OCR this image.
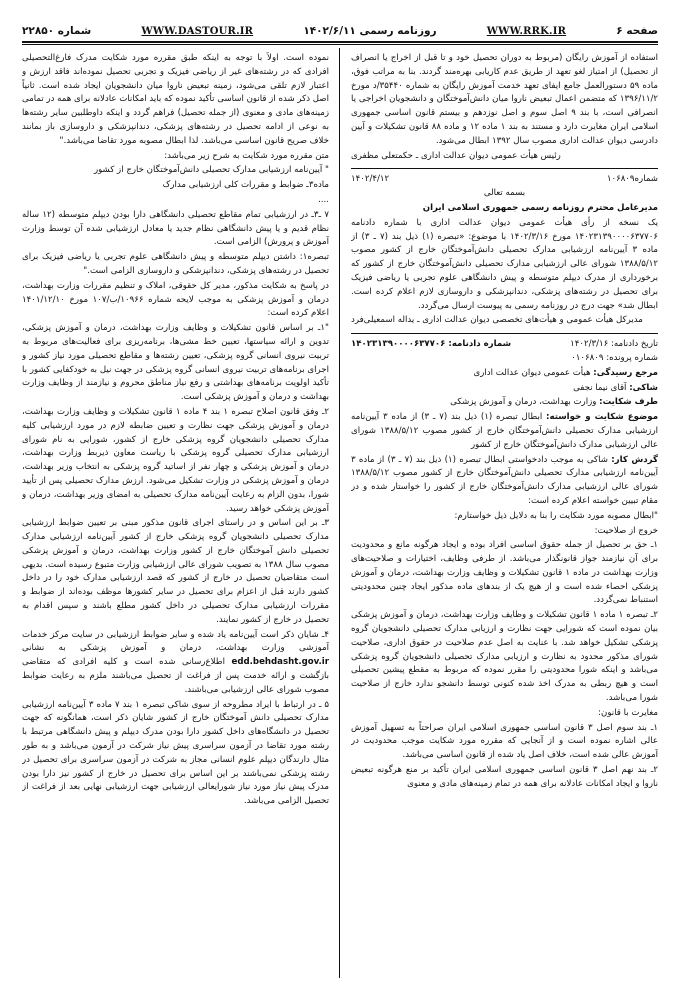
صفحه ۶
WWW.RRK.IR
روزنامه رسمی ۱۴۰۲/۶/۱۱
WWW.DASTOUR.IR
شماره ۲۲۸۵۰

استفاده از آموزش رایگان (مربوط به دوران تحصیل خود و تا قبل از اخراج یا انصراف از تحصیل) از امتیاز لغو تعهد از طریق عدم کاریابی بهره‌مند گردند. بنا به مراتب فوق، ماده ۵۹ دستورالعمل جامع ایفای تعهد خدمت آموزش رایگان به شماره ۳۵۴۴۰/د مورخ ۱۳۹۶/۱۱/۲ که متضمن اعمال تبعیض ناروا میان دانش‌آموختگان و دانشجویان اخراجی یا انصرافی است، با بند ۹ اصل سوم و اصل نوزدهم و بیستم قانون اساسی جمهوری اسلامی ایران مغایرت دارد و مستند به بند ۱ ماده ۱۲ و ماده ۸۸ قانون تشکیلات و آیین دادرسی دیوان عدالت اداری مصوب سال ۱۳۹۲ ابطال می‌شود.

رئیس هیأت عمومی دیوان عدالت اداری ـ حکمتعلی مظفری

شماره۱۰۶۸۰۹
۱۴۰۲/۴/۱۲

بسمه تعالی

مدیرعامل محترم روزنامه رسمی جمهوری اسلامی ایران

یک نسخه از رأی هیأت عمومی دیوان عدالت اداری با شماره دادنامه ۱۴۰۲۳۱۳۹۰۰۰۰۶۳۷۷۰۶ مورخ ۱۴۰۲/۳/۱۶ با موضوع: «تبصره (۱) ذیل بند (۷ ـ ۳) از ماده ۳ آیین‌نامه ارزشیابی مدارک تحصیلی دانش‌آموختگان خارج از کشور مصوب ۱۳۸۸/۵/۱۲ شورای عالی ارزشیابی مدارک تحصیلی دانش‌آموختگان خارج از کشور که برخورداری از مدرک دیپلم متوسطه و پیش دانشگاهی علوم تجربی یا ریاضی فیزیک برای تحصیل در رشته‌های پزشکی، دندانپزشکی و داروسازی لازم اعلام کرده است. ابطال شد» جهت درج در روزنامه رسمی به پیوست ارسال می‌گردد.

مدیرکل هیأت عمومی و هیأت‌های تخصصی دیوان عدالت اداری ـ یداله اسمعیلی‌فرد

تاریخ دادنامه: ۱۴۰۲/۳/۱۶
شماره دادنامه: ۱۴۰۲۳۱۳۹۰۰۰۰۶۳۷۷۰۶

شماره پرونده: ۰۱۰۶۸۰۹

مرجع رسیدگی: هیأت عمومی دیوان عدالت اداری

شاکی: آقای نیما نجفی

طرف شکایت: وزارت بهداشت، درمان و آموزش پزشکی

موضوع شکایت و خواسته: ابطال تبصره (۱) ذیل بند (۷ ـ ۳) از ماده ۳ آیین‌نامه ارزشیابی مدارک تحصیلی دانش‌آموختگان خارج از کشور مصوب ۱۳۸۸/۵/۱۲ شورای عالی ارزشیابی مدارک دانش‌آموختگان خارج از کشور

گردش کار: شاکی به موجب دادخواستی ابطال تبصره (۱) ذیل بند (۷ ـ ۳) از ماده ۳ آیین‌نامه ارزشیابی مدارک تحصیلی دانش‌آموختگان خارج از کشور مصوب ۱۳۸۸/۵/۱۲ شورای عالی ارزشیابی مدارک دانش‌آموختگان خارج از کشور را خواستار شده و در مقام تبیین خواسته اعلام کرده است:

"ابطال مصوبه مورد شکایت را بنا به دلایل ذیل خواستارم:

خروج از صلاحیت:

۱ـ حق بر تحصیل از جمله حقوق اساسی افراد بوده و ایجاد هرگونه مانع و محدودیت برای آن نیازمند جواز قانونگذار می‌باشد. از طرفی وظایف، اختیارات و صلاحیت‌های وزارت بهداشت در ماده ۱ قانون تشکیلات و وظایف وزارت بهداشت، درمان و آموزش پزشکی احصاء شده است و از هیچ یک از بندهای ماده مذکور ایجاد چنین محدودیتی استنباط نمی‌گردد.

۲ـ تبصره ۱ ماده ۱ قانون تشکیلات و وظایف وزارت بهداشت، درمان و آموزش پزشکی بیان نموده است که شورایی جهت نظارت و ارزیابی مدارک تحصیلی دانشجویان گروه پزشکی تشکیل خواهد شد. با عنایت به اصل عدم صلاحیت در حقوق اداری، صلاحیت شورای مذکور محدود به نظارت و ارزیابی مدارک تحصیلی دانشجویان گروه پزشکی می‌باشد و اینکه شورا محدودیتی را مقرر نموده که مربوط به مقطع پیشین تحصیلی است و هیچ ربطی به مدرک اخذ شده کنونی توسط دانشجو ندارد خارج از صلاحیت شورا می‌باشد.

مغایرت با قانون:

۱ـ بند سوم اصل ۳ قانون اساسی جمهوری اسلامی ایران صراحتاً به تسهیل آموزش عالی اشاره نموده است و از آنجایی که مقرره مورد شکایت موجب محدودیت در آموزش عالی شده است، خلاف اصل یاد شده از قانون اساسی می‌باشد.

۲ـ بند نهم اصل ۳ قانون اساسی جمهوری اسلامی ایران تأکید بر منع هرگونه تبعیض ناروا و ایجاد امکانات عادلانه برای همه در تمام زمینه‌های مادی و معنوی

نموده است. اولاً با توجه به اینکه طبق مقرره مورد شکایت مدرک فارغ‌التحصیلی افرادی که در رشته‌های غیر از ریاضی فیزیک و تجربی تحصیل نموده‌اند فاقد ارزش و اعتبار لازم تلقی می‌شود، زمینه تبعیض ناروا میان دانشجویان ایجاد شده است. ثانیاً اصل ذکر شده از قانون اساسی تأکید نموده که باید امکانات عادلانه برای همه در تمامی زمینه‌های مادی و معنوی (از جمله تحصیل) فراهم گردد و اینکه داوطلبین سایر رشته‌ها به نوعی از ادامه تحصیل در رشته‌های پزشکی، دندانپزشکی و داروسازی باز بمانند خلاف صریح قانون اساسی می‌باشد. لذا ابطال مصوبه مورد تقاضا می‌باشد."

متن مقرره مورد شکایت به شرح زیر می‌باشد:

" آیین‌نامه ارزشیابی مدارک تحصیلی دانش‌آموختگان خارج از کشور

ماده۳ـ ضوابط و مقررات کلی ارزشیابی مدارک

....

۷ ـ۳ـ در ارزشیابی تمام مقاطع تحصیلی دانشگاهی دارا بودن دیپلم متوسطه (۱۲ ساله نظام قدیم و یا پیش دانشگاهی نظام جدید یا معادل ارزشیابی شده آن توسط وزارت آموزش و پرورش) الزامی است.

تبصره۱: داشتن دیپلم متوسطه و پیش دانشگاهی علوم تجربی یا ریاضی فیزیک برای تحصیل در رشته‌های پزشکی، دندانپزشکی و داروسازی الزامی است."

در پاسخ به شکایت مذکور، مدیر کل حقوقی، املاک و تنظیم مقررات وزارت بهداشت، درمان و آموزش پزشکی به موجب لایحه شماره ۱۰۹۶۶/ب/۱۰۷ مورخ ۱۴۰۱/۱۲/۱۰ اعلام کرده است:

"۱ـ بر اساس قانون تشکیلات و وظایف وزارت بهداشت، درمان و آموزش پزشکی، تدوین و ارائه سیاستها، تعیین خط مشی‌ها، برنامه‌ریزی برای فعالیت‌های مربوط به تربیت نیروی انسانی گروه پزشکی، تعیین رشته‌ها و مقاطع تحصیلی مورد نیاز کشور و اجرای برنامه‌های تربیت نیروی انسانی گروه پزشکی در جهت نیل به خودکفایی کشور با تأکید اولویت برنامه‌های بهداشتی و رفع نیاز مناطق محروم و نیازمند از وظایف وزارت بهداشت و درمان و آموزش پزشکی است.

۲ـ وفق قانون اصلاح تبصره ۱ بند ۴ ماده ۱ قانون تشکیلات و وظایف وزارت بهداشت، درمان و آموزش پزشکی جهت نظارت و تعیین ضابطه لازم در مورد ارزشیابی کلیه مدارک تحصیلی دانشجویان گروه پزشکی خارج از کشور، شورایی به نام شورای ارزشیابی مدارک تحصیلی گروه پزشکی با ریاست معاون ذیربط وزارت بهداشت، درمان و آموزش پزشکی و چهار نفر از اساتید گروه پزشکی به انتخاب وزیر بهداشت، درمان و آموزش پزشکی در وزارت تشکیل می‌شود. ارزش مدارک تحصیلی پس از تأیید شورا، بدون الزام به رعایت آیین‌نامه مدارک تحصیلی به امضای وزیر بهداشت، درمان و آموزش پزشکی خواهد رسید.

۳ـ بر این اساس و در راستای اجرای قانون مذکور مبنی بر تعیین ضوابط ارزشیابی مدارک تحصیلی دانشجویان گروه پزشکی خارج از کشور آیین‌نامه ارزشیابی مدارک تحصیلی دانش آموختگان خارج از کشور وزارت بهداشت، درمان و آموزش پزشکی مصوب سال ۱۳۸۸ به تصویب شورای عالی ارزشیابی وزارت متبوع رسیده است. بدیهی است متقاضیان تحصیل در خارج از کشور که قصد ارزشیابی مدارک خود را در داخل کشور دارند قبل از اعزام برای تحصیل در سایر کشورها موظف بوده‌اند از ضوابط و مقررات ارزشیابی مدارک تحصیلی در داخل کشور مطلع باشند و سپس اقدام به تحصیل در خارج از کشور نمایند.

۴ـ شایان ذکر است آیین‌نامه یاد شده و سایر ضوابط ارزشیابی در سایت مرکز خدمات آموزشی وزارت بهداشت، درمان و آموزش پزشکی به نشانی edd.behdasht.gov.ir اطلاع‌رسانی شده است و کلیه افرادی که متقاضی بازگشت و ارائه خدمت پس از فراغت از تحصیل می‌باشند ملزم به رعایت ضوابط مصوب شورای عالی ارزشیابی می‌باشند.

۵ ـ در ارتباط با ایراد مطروحه از سوی شاکی تبصره ۱ بند ۷ ماده ۳ آیین‌نامه ارزشیابی مدارک تحصیلی دانش آموختگان خارج از کشور شایان ذکر است، همانگونه که جهت تحصیل در دانشگاه‌های داخل کشور دارا بودن مدرک دیپلم و پیش دانشگاهی مرتبط با رشته مورد تقاضا در آزمون سراسری پیش نیاز شرکت در آزمون می‌باشد و به طور مثال دارندگان دیپلم علوم انسانی مجاز به شرکت در آزمون سراسری برای تحصیل در رشته پزشکی نمی‌باشند بر این اساس برای تحصیل در خارج از کشور نیز دارا بودن مدرک پیش نیاز مورد نیاز شورایعالی ارزشیابی جهت ارزشیابی نهایی بعد از فراغت از تحصیل الزامی می‌باشد.
